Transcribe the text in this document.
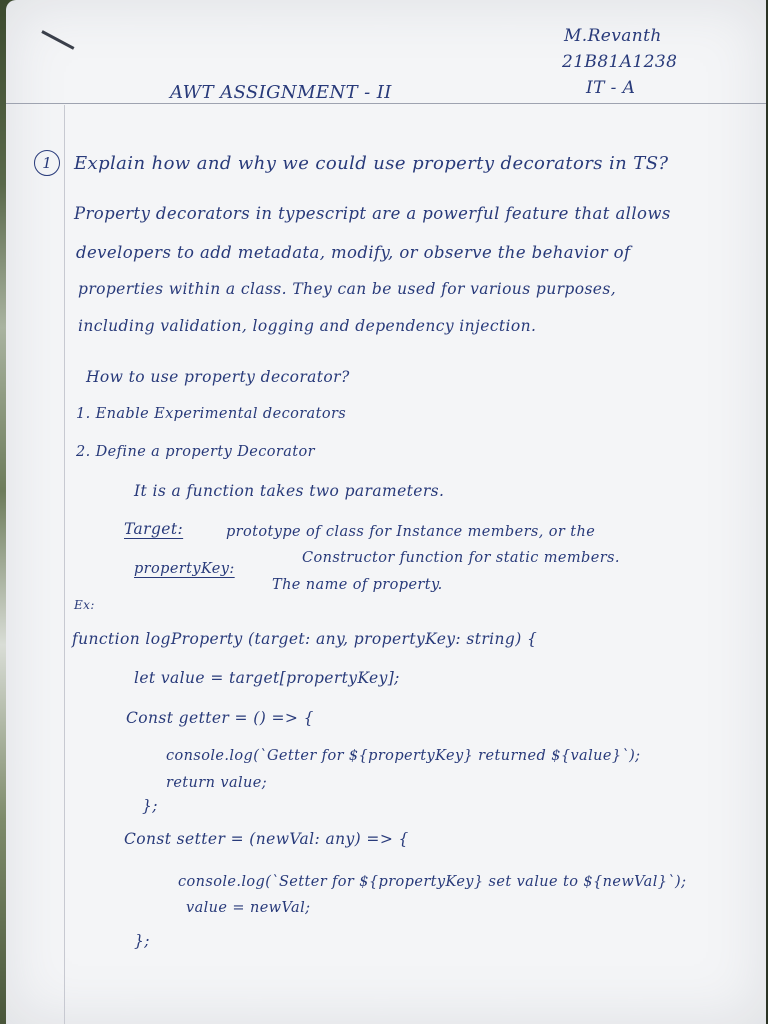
M.Revanth
21B81A1238
IT - A
AWT ASSIGNMENT - II
1	Explain how and why we could use property decorators in TS?
Property decorators in typescript are a powerful feature that allows
developers to add metadata, modify, or observe the behavior of
properties within a class. They can be used for various purposes,
including validation, logging and dependency injection.
How to use property decorator?
1. Enable Experimental decorators
2. Define a property Decorator
It is a function takes two parameters.
Target:	prototype of class for Instance members, or the
Constructor function for static members.
propertyKey:
The name of property.
Ex:
function logProperty (target: any, propertyKey: string) {
let value = target[propertyKey];
Const getter = () => {
console.log(`Getter for ${propertyKey} returned ${value}`);
return value;
};
Const setter = (newVal: any) => {
console.log(`Setter for ${propertyKey} set value to ${newVal}`);
value = newVal;
};
